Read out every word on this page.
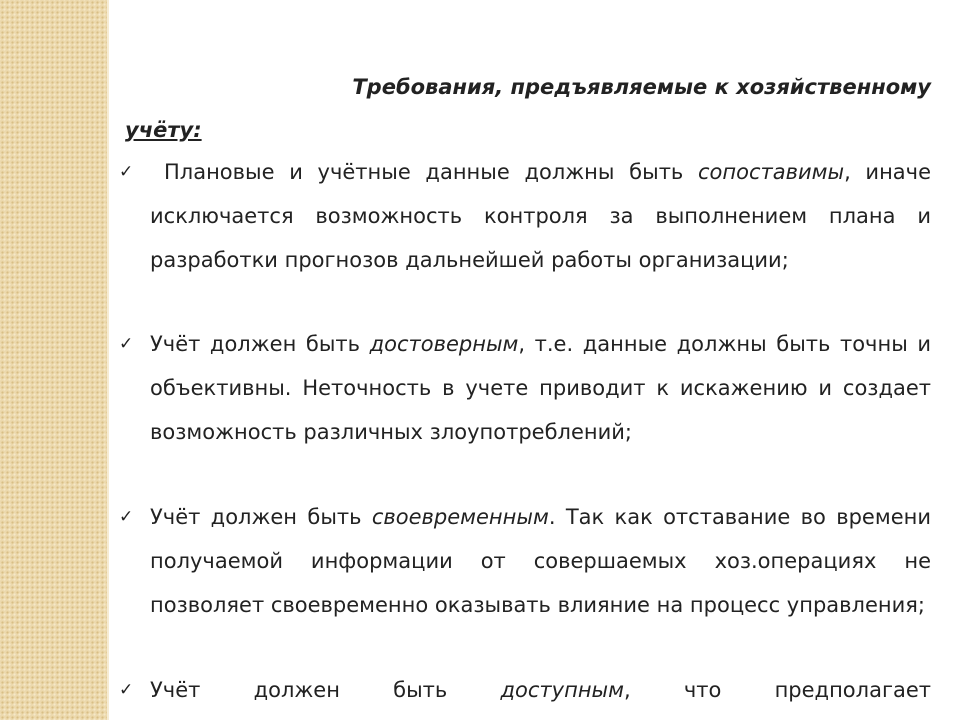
Требования, предъявляемые к хозяйственному
учёту:
✓	Плановые и учётные данные должны быть сопоставимы, иначе исключается возможность контроля за выполнением плана и разработки прогнозов дальнейшей работы организации;
✓ Учёт должен быть достоверным, т.е. данные должны быть точны и объективны. Неточность в учете приводит к искажению и создает возможность различных злоупотреблений;
✓ Учёт должен быть своевременным. Так как отставание во времени получаемой информации от совершаемых хоз.операциях не позволяет своевременно оказывать влияние на процесс управления;
✓ Учёт должен быть доступным, что предполагает
